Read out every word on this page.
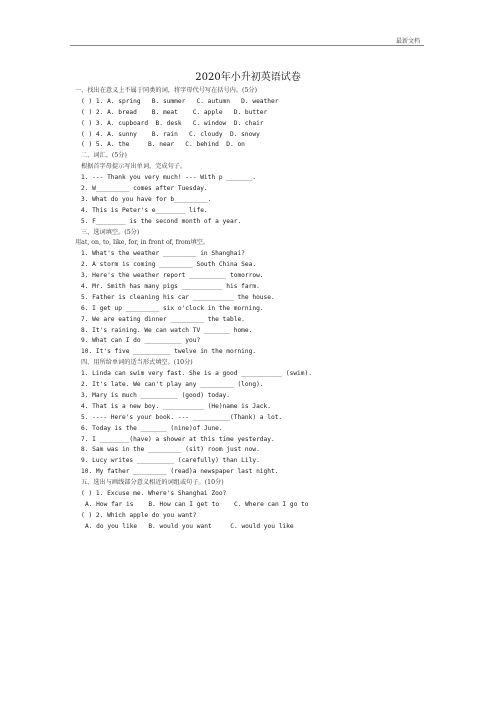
最新文档
2020年小升初英语试卷
一、找出在意义上不属于同类的词，将字母代号写在括号内。(5分)
( ) 1. A. spring   B. summer   C. autumn   D. weather
( ) 2. A. bread    B. meat    C. apple   D. butter
( ) 3. A. cupboard  B. desk   C. window  D. chair
( ) 4. A. sunny    B. rain   C. cloudy  D. snowy
( ) 5. A. the     B. near   C. behind  D. on
二、词汇。(5分)
根据首字母提示写出单词，完成句子。
1. --- Thank you very much! --- With p _______.
2. W_________ comes after Tuesday.
3. What do you have for b_________.
4. This is Peter's e________ life.
5. F________ is the second month of a year.
三、选词填空。(5分)
用at, on, to, like, for, in front of, from填空。
1. What's the weather _________ in Shanghai?
2. A storm is coming _________ South China Sea.
3. Here's the weather report __________ tomorrow.
4. Mr. Smith has many pigs ___________ his farm.
5. Father is cleaning his car ___________ the house.
6. I get up _________ six o'clock in the morning.
7. We are eating dinner _________ the table.
8. It's raining. We can watch TV _______ home.
9. What can I do __________ you?
10. It's five __________ twelve in the morning.
四、用所给单词的适当形式填空。(10分)
1. Linda can swim very fast. She is a good ___________ (swim).
2. It's late. We can't play any _________ (long).
3. Mary is much __________ (good) today.
4. That is a new boy. ___________ (He)name is Jack.
5. ---- Here's your book. --- __________(Thank) a lot.
6. Today is the _______ (nine)of June.
7. I ________(have) a shower at this time yesterday.
8. Sam was in the _________ (sit) room just now.
9. Lucy writes __________ (carefully) than Lily.
10. My father _________ (read)a newspaper last night.
五、选出与画线部分意义相近的词组或句子。(10分)
( ) 1. Excuse me. Where's Shanghai Zoo?
A. How far is    B. How can I get to    C. Where can I go to
( ) 2. Which apple do you want?
A. do you like   B. would you want     C. would you like
